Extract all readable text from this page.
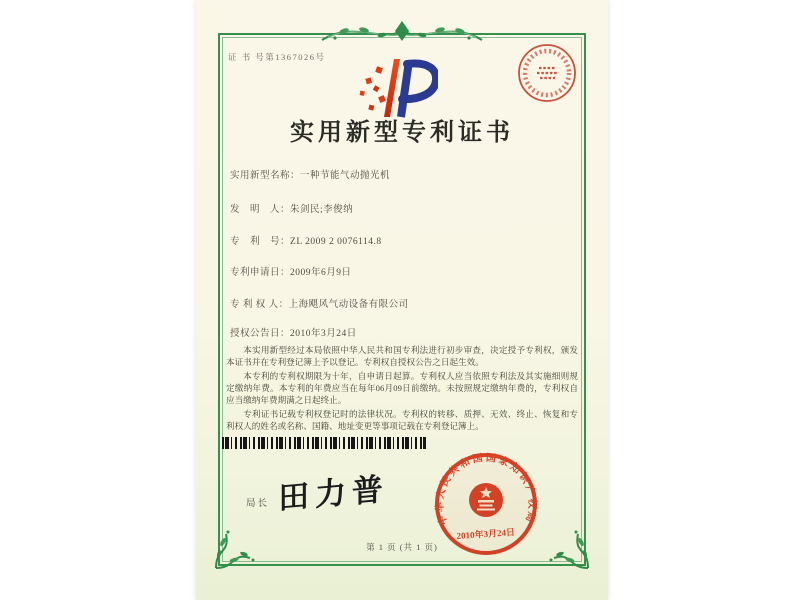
证 书 号第1367026号
实用新型专利证书
实用新型名称：一种节能气动抛光机
发　明　人：朱剑民;李俊纳
专　利　号：ZL 2009 2 0076114.8
专利申请日：2009年6月9日
专 利 权 人：上海飓风气动设备有限公司
授权公告日：2010年3月24日

本实用新型经过本局依照中华人民共和国专利法进行初步审查，决定授予专利权，颁发本证书并在专利登记簿上予以登记。专利权自授权公告之日起生效。

本专利的专利权期限为十年，自申请日起算。专利权人应当依照专利法及其实施细则规定缴纳年费。本专利的年费应当在每年06月09日前缴纳。未按照规定缴纳年费的，专利权自应当缴纳年费期满之日起终止。

专利证书记载专利权登记时的法律状况。专利权的转移、质押、无效、终止、恢复和专利权人的姓名或名称、国籍、地址变更等事项记载在专利登记簿上。

局长 田力普
中华人民共和国国家知识产权局
2010年3月24日
第 1 页 (共 1 页)
